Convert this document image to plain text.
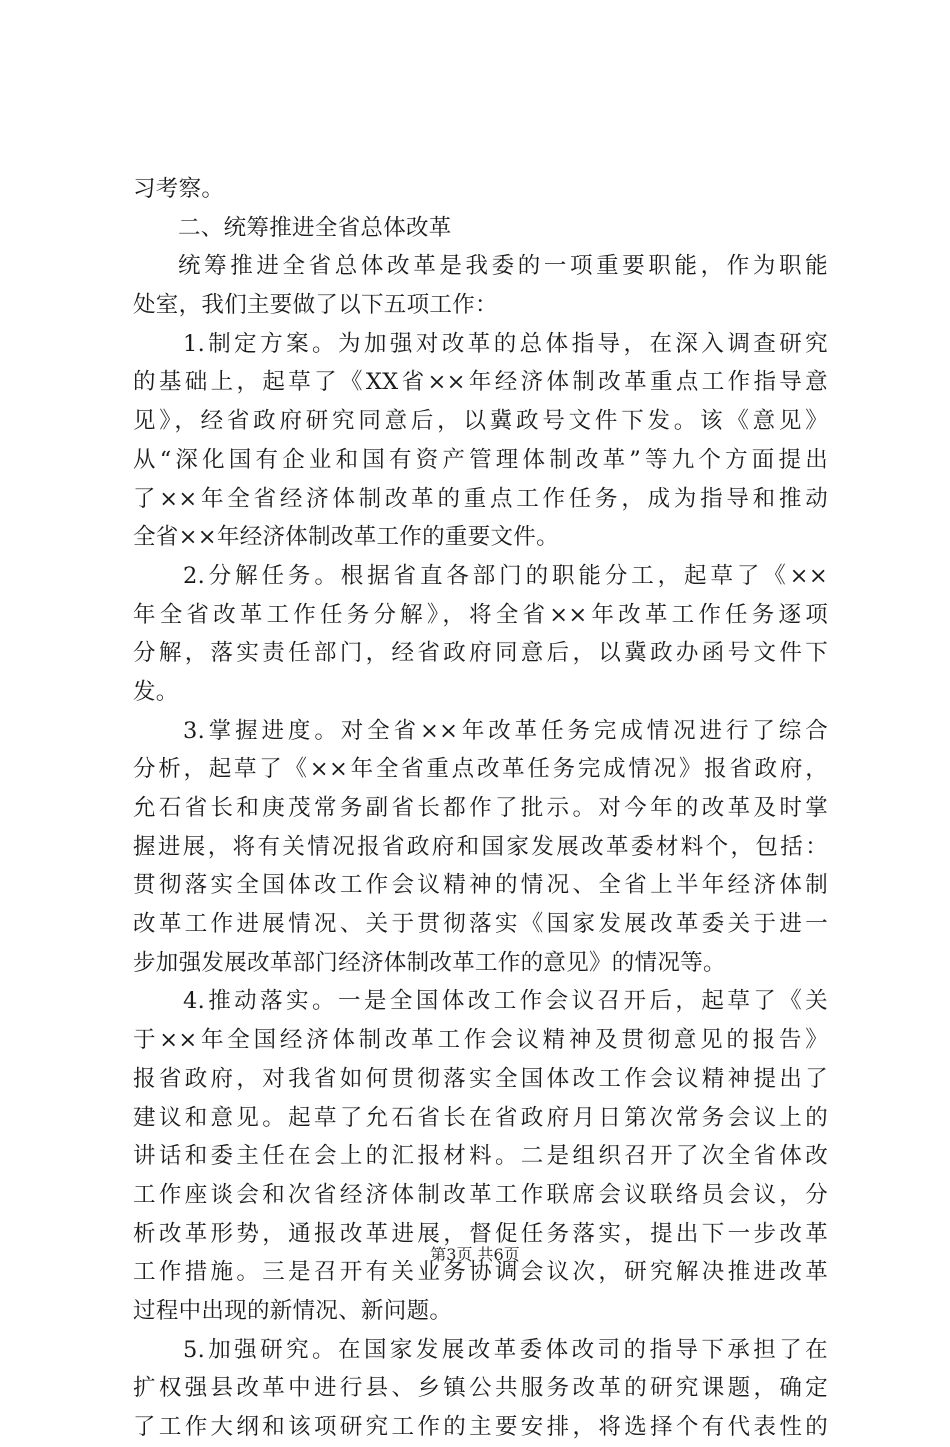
习考察。
二、统筹推进全省总体改革
统筹推进全省总体改革是我委的一项重要职能，作为职能
处室，我们主要做了以下五项工作：
1.制定方案。为加强对改革的总体指导，在深入调查研究
的基础上，起草了《XX省××年经济体制改革重点工作指导意
见》，经省政府研究同意后，以冀政号文件下发。该《意见》
从“深化国有企业和国有资产管理体制改革”等九个方面提出
了××年全省经济体制改革的重点工作任务，成为指导和推动
全省××年经济体制改革工作的重要文件。
2.分解任务。根据省直各部门的职能分工，起草了《××
年全省改革工作任务分解》，将全省××年改革工作任务逐项
分解，落实责任部门，经省政府同意后，以冀政办函号文件下
发。
3.掌握进度。对全省××年改革任务完成情况进行了综合
分析，起草了《××年全省重点改革任务完成情况》报省政府，
允石省长和庚茂常务副省长都作了批示。对今年的改革及时掌
握进展，将有关情况报省政府和国家发展改革委材料个，包括：
贯彻落实全国体改工作会议精神的情况、全省上半年经济体制
改革工作进展情况、关于贯彻落实《国家发展改革委关于进一
步加强发展改革部门经济体制改革工作的意见》的情况等。
4.推动落实。一是全国体改工作会议召开后，起草了《关
于××年全国经济体制改革工作会议精神及贯彻意见的报告》
报省政府，对我省如何贯彻落实全国体改工作会议精神提出了
建议和意见。起草了允石省长在省政府月日第次常务会议上的
讲话和委主任在会上的汇报材料。二是组织召开了次全省体改
工作座谈会和次省经济体制改革工作联席会议联络员会议，分
析改革形势，通报改革进展，督促任务落实，提出下一步改革
工作措施。三是召开有关业务协调会议次，研究解决推进改革
过程中出现的新情况、新问题。
5.加强研究。在国家发展改革委体改司的指导下承担了在
扩权强县改革中进行县、乡镇公共服务改革的研究课题，确定
了工作大纲和该项研究工作的主要安排，将选择个有代表性的
第3页 共6页
